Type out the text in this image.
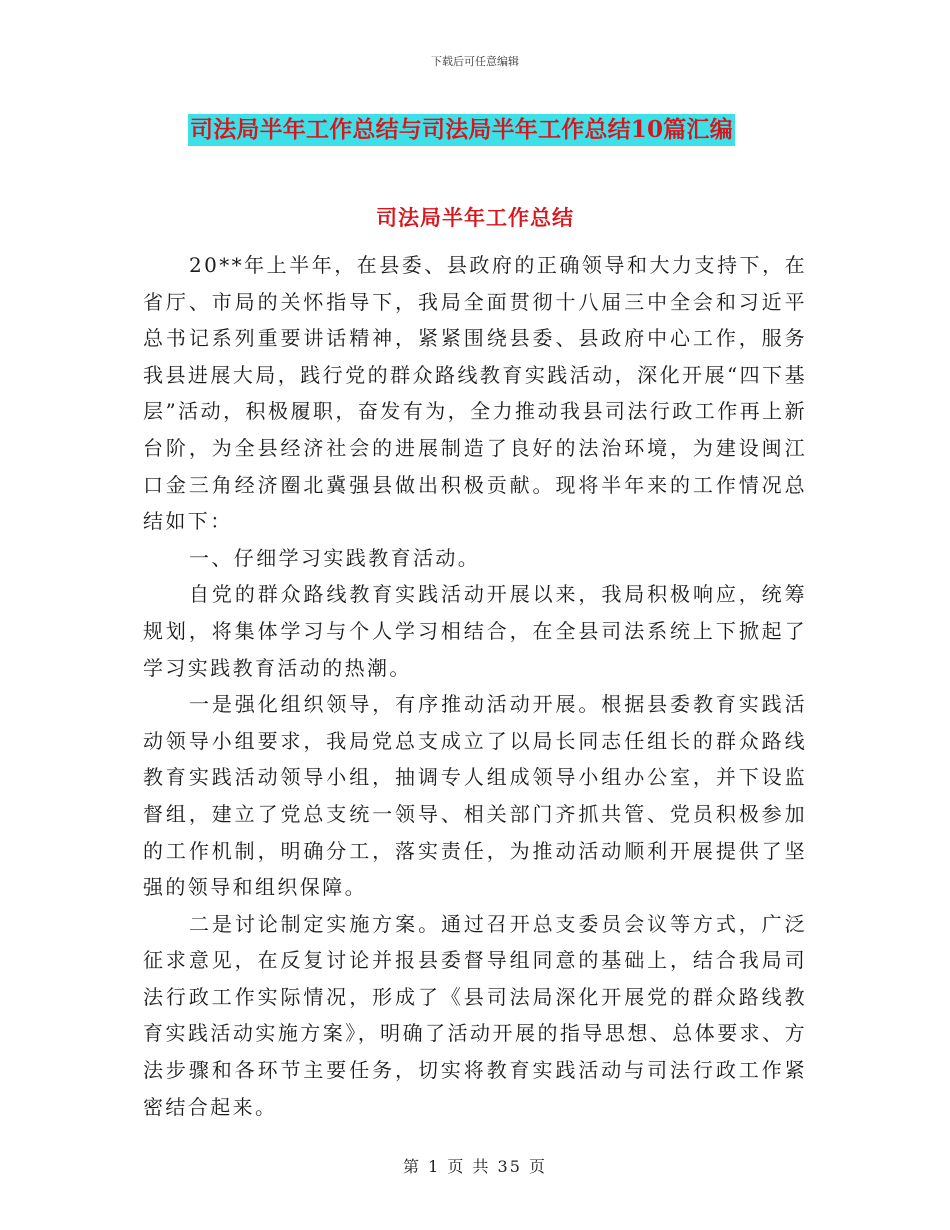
下载后可任意编辑
司法局半年工作总结与司法局半年工作总结10篇汇编
司法局半年工作总结

20**年上半年，在县委、县政府的正确领导和大力支持下，在省厅、市局的关怀指导下，我局全面贯彻十八届三中全会和习近平总书记系列重要讲话精神，紧紧围绕县委、县政府中心工作，服务我县进展大局，践行党的群众路线教育实践活动，深化开展“四下基层”活动，积极履职，奋发有为，全力推动我县司法行政工作再上新台阶，为全县经济社会的进展制造了良好的法治环境，为建设闽江口金三角经济圈北冀强县做出积极贡献。现将半年来的工作情况总结如下：

一、仔细学习实践教育活动。

自党的群众路线教育实践活动开展以来，我局积极响应，统筹规划，将集体学习与个人学习相结合，在全县司法系统上下掀起了学习实践教育活动的热潮。

一是强化组织领导，有序推动活动开展。根据县委教育实践活动领导小组要求，我局党总支成立了以局长同志任组长的群众路线教育实践活动领导小组，抽调专人组成领导小组办公室，并下设监督组，建立了党总支统一领导、相关部门齐抓共管、党员积极参加的工作机制，明确分工，落实责任，为推动活动顺利开展提供了坚强的领导和组织保障。

二是讨论制定实施方案。通过召开总支委员会议等方式，广泛征求意见，在反复讨论并报县委督导组同意的基础上，结合我局司法行政工作实际情况，形成了《县司法局深化开展党的群众路线教育实践活动实施方案》，明确了活动开展的指导思想、总体要求、方法步骤和各环节主要任务，切实将教育实践活动与司法行政工作紧密结合起来。

第 1 页 共 35 页
